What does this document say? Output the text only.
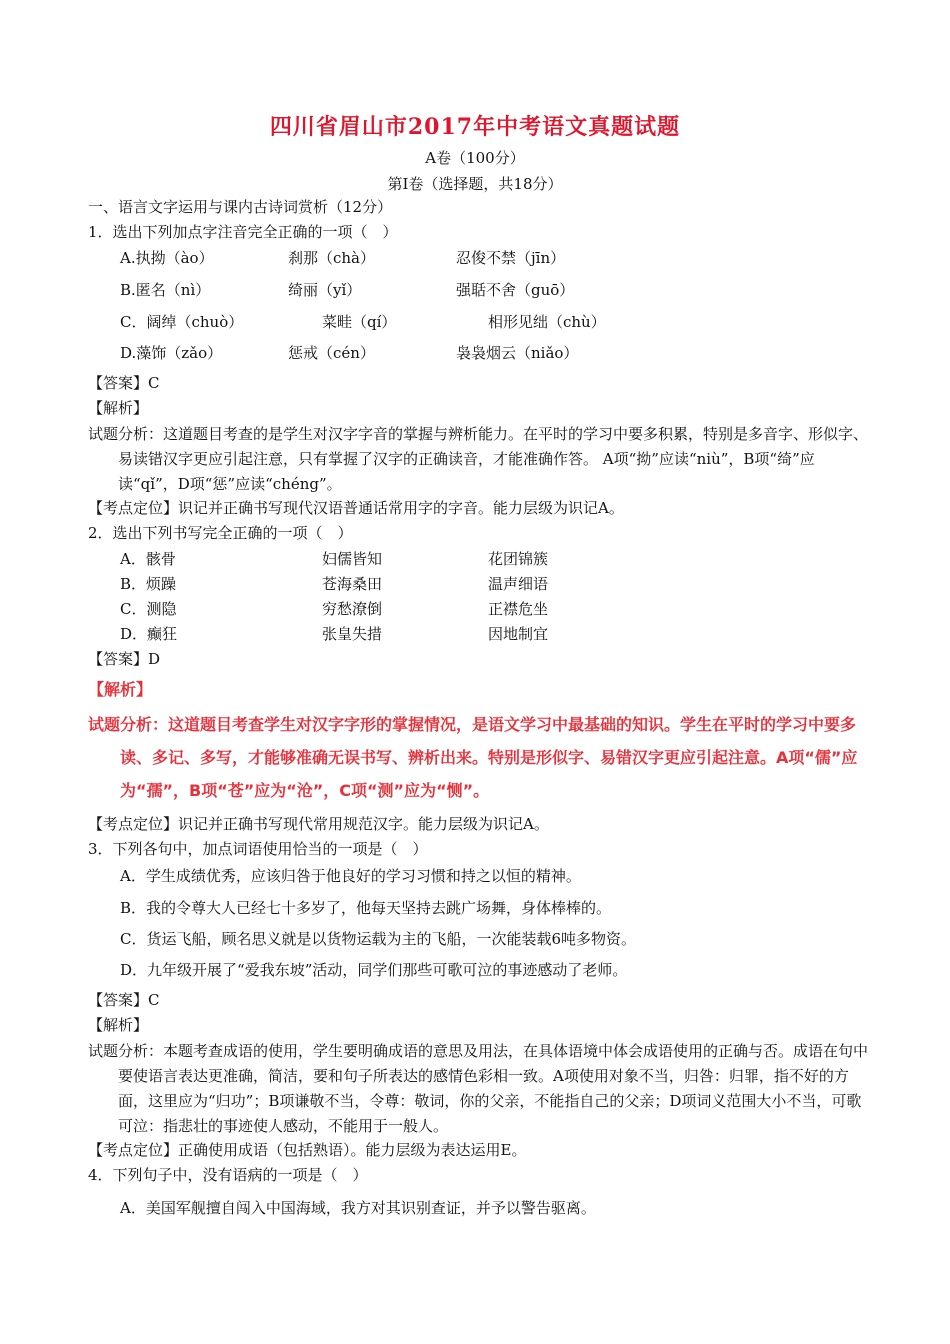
四川省眉山市2017年中考语文真题试题
A卷（100分）
第Ⅰ卷（选择题，共18分）
一、语言文字运用与课内古诗词赏析（12分）
1．选出下列加点字注音完全正确的一项（　）
A.执拗（ào）	刹那（chà）	忍俊不禁（jīn）
B.匿名（nì）	绮丽（yǐ）	强聒不舍（guō）
C．阔绰（chuò）	菜畦（qí）	相形见绌（chù）
D.藻饰（zǎo）	惩戒（cén）	袅袅烟云（niǎo）
【答案】C
【解析】
试题分析：这道题目考查的是学生对汉字字音的掌握与辨析能力。在平时的学习中要多积累，特别是多音字、形似字、易读错汉字更应引起注意，只有掌握了汉字的正确读音，才能准确作答。 A项“拗”应读“niù”，B项“绮”应读“qǐ”，D项“惩”应读“chéng”。
【考点定位】识记并正确书写现代汉语普通话常用字的字音。能力层级为识记A。
2．选出下列书写完全正确的一项（　）
A．骸骨	妇儒皆知	花团锦簇
B．烦躁	苍海桑田	温声细语
C．测隐	穷愁潦倒	正襟危坐
D．癫狂	张皇失措	因地制宜
【答案】D
【解析】
试题分析：这道题目考查学生对汉字字形的掌握情况，是语文学习中最基础的知识。学生在平时的学习中要多读、多记、多写，才能够准确无误书写、辨析出来。特别是形似字、易错汉字更应引起注意。A项“儒”应为“孺”，B项“苍”应为“沧”，C项“测”应为“恻”。
【考点定位】识记并正确书写现代常用规范汉字。能力层级为识记A。
3．下列各句中，加点词语使用恰当的一项是（　）
A．学生成绩优秀，应该归咎于他良好的学习习惯和持之以恒的精神。
B．我的令尊大人已经七十多岁了，他每天坚持去跳广场舞，身体棒棒的。
C．货运飞船，顾名思义就是以货物运载为主的飞船，一次能装载6吨多物资。
D．九年级开展了“爱我东坡”活动，同学们那些可歌可泣的事迹感动了老师。
【答案】C
【解析】
试题分析：本题考查成语的使用，学生要明确成语的意思及用法，在具体语境中体会成语使用的正确与否。成语在句中要使语言表达更准确，简洁，要和句子所表达的感情色彩相一致。A项使用对象不当，归咎：归罪，指不好的方面，这里应为“归功”；B项谦敬不当，令尊：敬词，你的父亲，不能指自己的父亲；D项词义范围大小不当，可歌可泣：指悲壮的事迹使人感动，不能用于一般人。
【考点定位】正确使用成语（包括熟语）。能力层级为表达运用E。
4．下列句子中，没有语病的一项是（　）
A．美国军舰擅自闯入中国海域，我方对其识别查证，并予以警告驱离。
